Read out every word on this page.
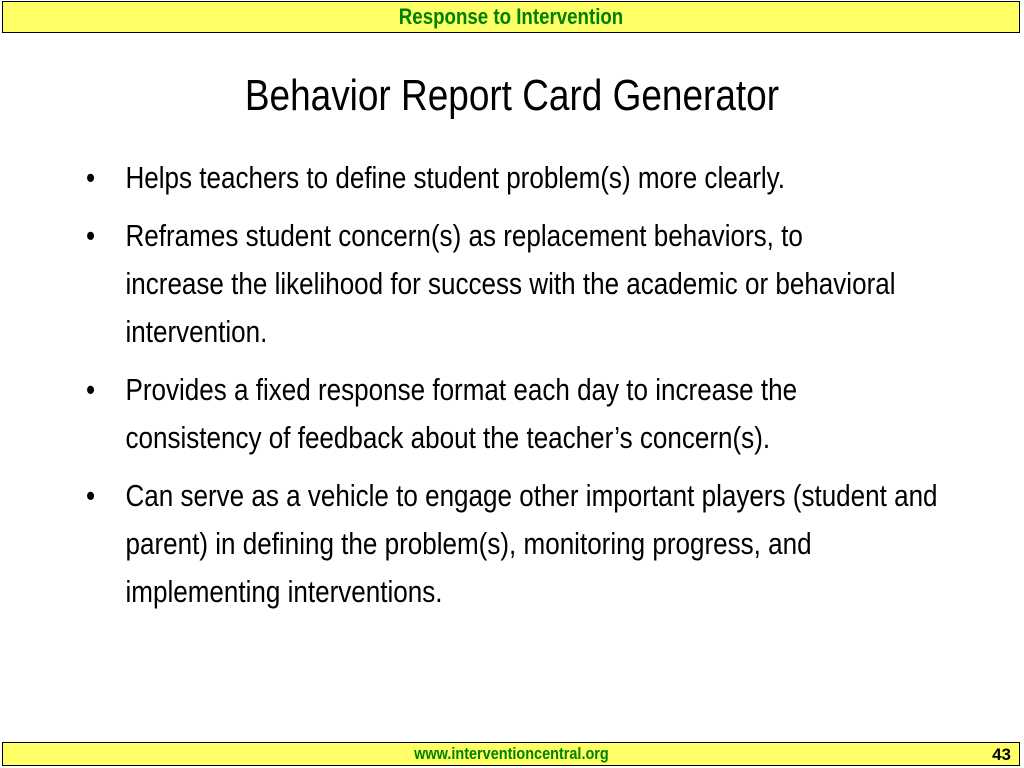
Response to Intervention
Behavior Report Card Generator
• Helps teachers to define student problem(s) more clearly.
• Reframes student concern(s) as replacement behaviors, to increase the likelihood for success with the academic or behavioral intervention.
• Provides a fixed response format each day to increase the consistency of feedback about the teacher’s concern(s).
• Can serve as a vehicle to engage other important players (student and parent) in defining the problem(s), monitoring progress, and implementing interventions.
www.interventioncentral.org	43
